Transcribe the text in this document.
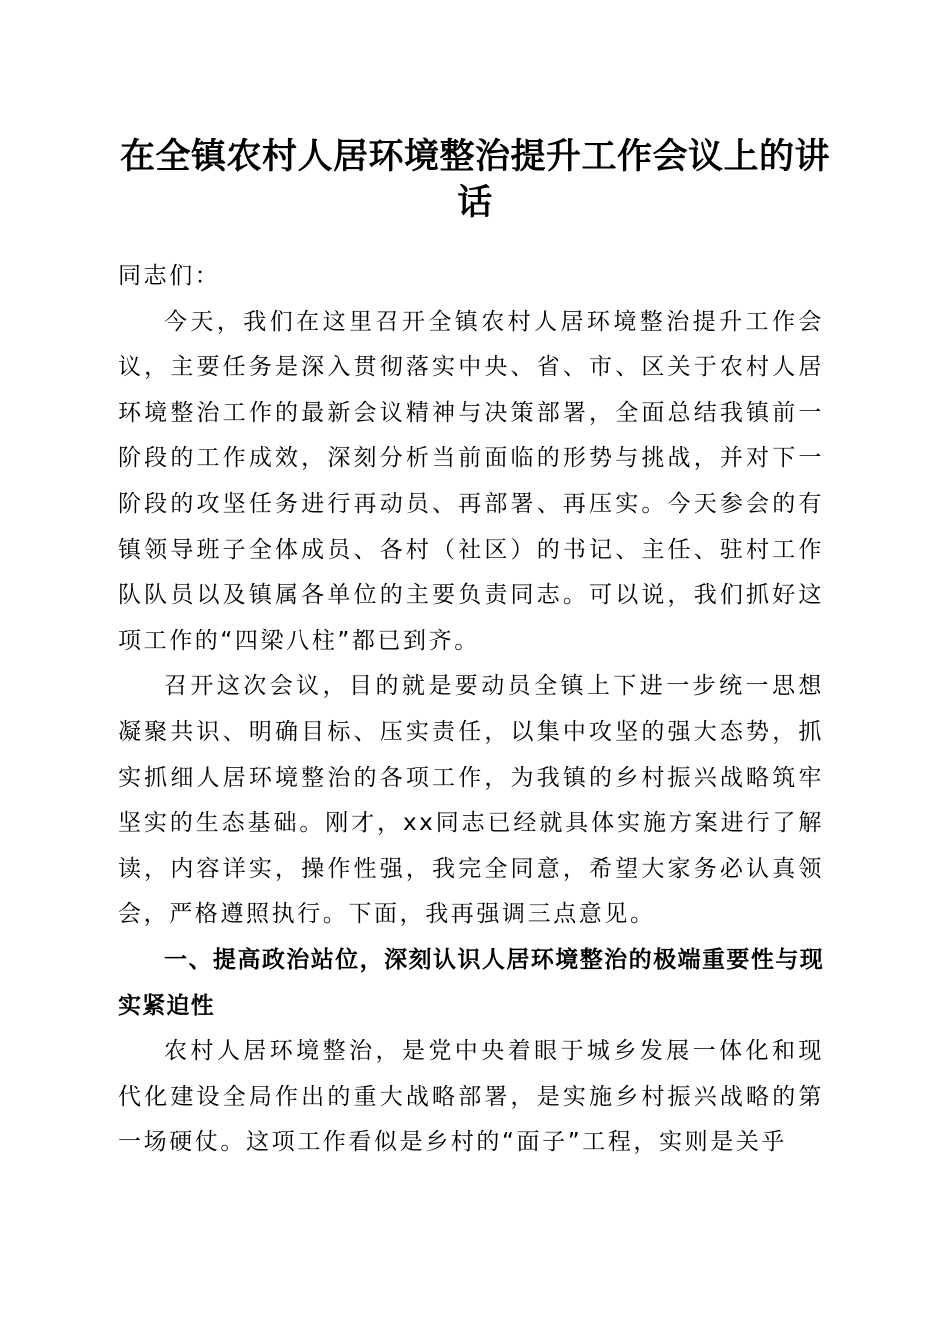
在全镇农村人居环境整治提升工作会议上的讲话

同志们：

今天，我们在这里召开全镇农村人居环境整治提升工作会议，主要任务是深入贯彻落实中央、省、市、区关于农村人居环境整治工作的最新会议精神与决策部署，全面总结我镇前一阶段的工作成效，深刻分析当前面临的形势与挑战，并对下一阶段的攻坚任务进行再动员、再部署、再压实。今天参会的有镇领导班子全体成员、各村（社区）的书记、主任、驻村工作队队员以及镇属各单位的主要负责同志。可以说，我们抓好这项工作的“四梁八柱”都已到齐。

召开这次会议，目的就是要动员全镇上下进一步统一思想凝聚共识、明确目标、压实责任，以集中攻坚的强大态势，抓实抓细人居环境整治的各项工作，为我镇的乡村振兴战略筑牢坚实的生态基础。刚才，xx同志已经就具体实施方案进行了解读，内容详实，操作性强，我完全同意，希望大家务必认真领会，严格遵照执行。下面，我再强调三点意见。

一、提高政治站位，深刻认识人居环境整治的极端重要性与现实紧迫性

农村人居环境整治，是党中央着眼于城乡发展一体化和现代化建设全局作出的重大战略部署，是实施乡村振兴战略的第一场硬仗。这项工作看似是乡村的“面子”工程，实则是关乎
